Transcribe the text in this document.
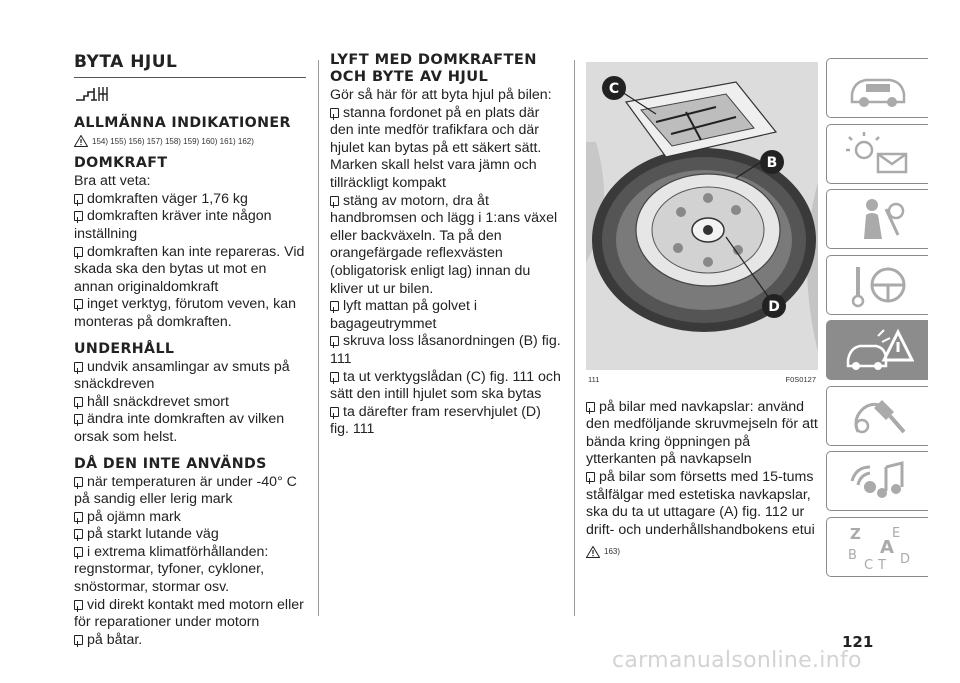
BYTA HJUL
ALLMÄNNA INDIKATIONER
154) 155) 156) 157) 158) 159) 160) 161) 162)
DOMKRAFT

Bra att veta:

domkraften väger 1,76 kg
domkraften kräver inte någon inställning
domkraften kan inte repareras. Vid skada ska den bytas ut mot en annan originaldomkraft
inget verktyg, förutom veven, kan monteras på domkraften.
UNDERHÅLL
undvik ansamlingar av smuts på snäckdreven
håll snäckdrevet smort
ändra inte domkraften av vilken orsak som helst.
DÅ DEN INTE ANVÄNDS
när temperaturen är under -40° C på sandig eller lerig mark
på ojämn mark
på starkt lutande väg
i extrema klimatförhållanden: regnstormar, tyfoner, cykloner, snöstormar, stormar osv.
vid direkt kontakt med motorn eller för reparationer under motorn
på båtar.
LYFT MED DOMKRAFTEN OCH BYTE AV HJUL

Gör så här för att byta hjul på bilen:

stanna fordonet på en plats där den inte medför trafikfara och där hjulet kan bytas på ett säkert sätt. Marken skall helst vara jämn och tillräckligt kompakt
stäng av motorn, dra åt handbromsen och lägg i 1:ans växel eller backväxeln. Ta på den orangefärgade reflexvästen (obligatorisk enligt lag) innan du kliver ut ur bilen.
lyft mattan på golvet i bagageutrymmet
skruva loss låsanordningen (B) fig. 111
ta ut verktygslådan (C) fig. 111 och sätt den intill hjulet som ska bytas
ta därefter fram reservhjulet (D) fig. 111
C
B
D
111	F0S0127
på bilar med navkapslar: använd den medföljande skruvmejseln för att bända kring öppningen på ytterkanten på navkapseln
på bilar som försetts med 15-tums stålfälgar med estetiska navkapslar, ska du ta ut uttagare (A) fig. 112 ur drift- och underhållshandbokens etui
163)
Z E
A
B
C D
T
121
carmanualsonline.info
